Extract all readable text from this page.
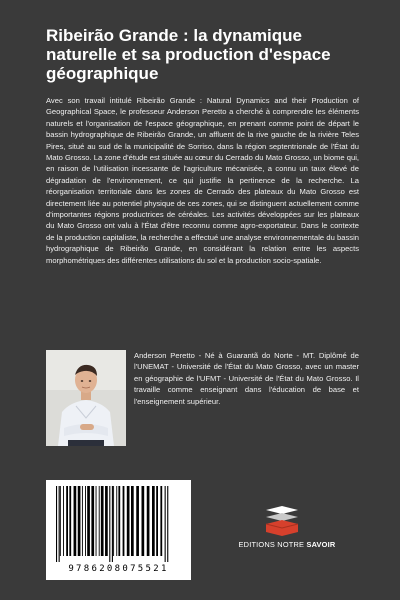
Ribeirão Grande : la dynamique naturelle et sa production d'espace géographique

Avec son travail intitulé Ribeirão Grande : Natural Dynamics and their Production of Geographical Space, le professeur Anderson Peretto a cherché à comprendre les éléments naturels et l'organisation de l'espace géographique, en prenant comme point de départ le bassin hydrographique de Ribeirão Grande, un affluent de la rive gauche de la rivière Teles Pires, situé au sud de la municipalité de Sorriso, dans la région septentrionale de l'État du Mato Grosso. La zone d'étude est située au cœur du Cerrado du Mato Grosso, un biome qui, en raison de l'utilisation incessante de l'agriculture mécanisée, a connu un taux élevé de dégradation de l'environnement, ce qui justifie la pertinence de la recherche. La réorganisation territoriale dans les zones de Cerrado des plateaux du Mato Grosso est directement liée au potentiel physique de ces zones, qui se distinguent actuellement comme d'importantes régions productrices de céréales. Les activités développées sur les plateaux du Mato Grosso ont valu à l'État d'être reconnu comme agro-exportateur. Dans le contexte de la production capitaliste, la recherche a effectué une analyse environnementale du bassin hydrographique de Ribeirão Grande, en considérant la relation entre les aspects morphométriques des différentes utilisations du sol et la production socio-spatiale.

Anderson Peretto - Né à Guarantã do Norte - MT. Diplômé de l'UNEMAT - Université de l'État du Mato Grosso, avec un master en géographie de l'UFMT - Université de l'État du Mato Grosso. Il travaille comme enseignant dans l'éducation de base et l'enseignement supérieur.

9786208075521
EDITIONS NOTRE SAVOIR
